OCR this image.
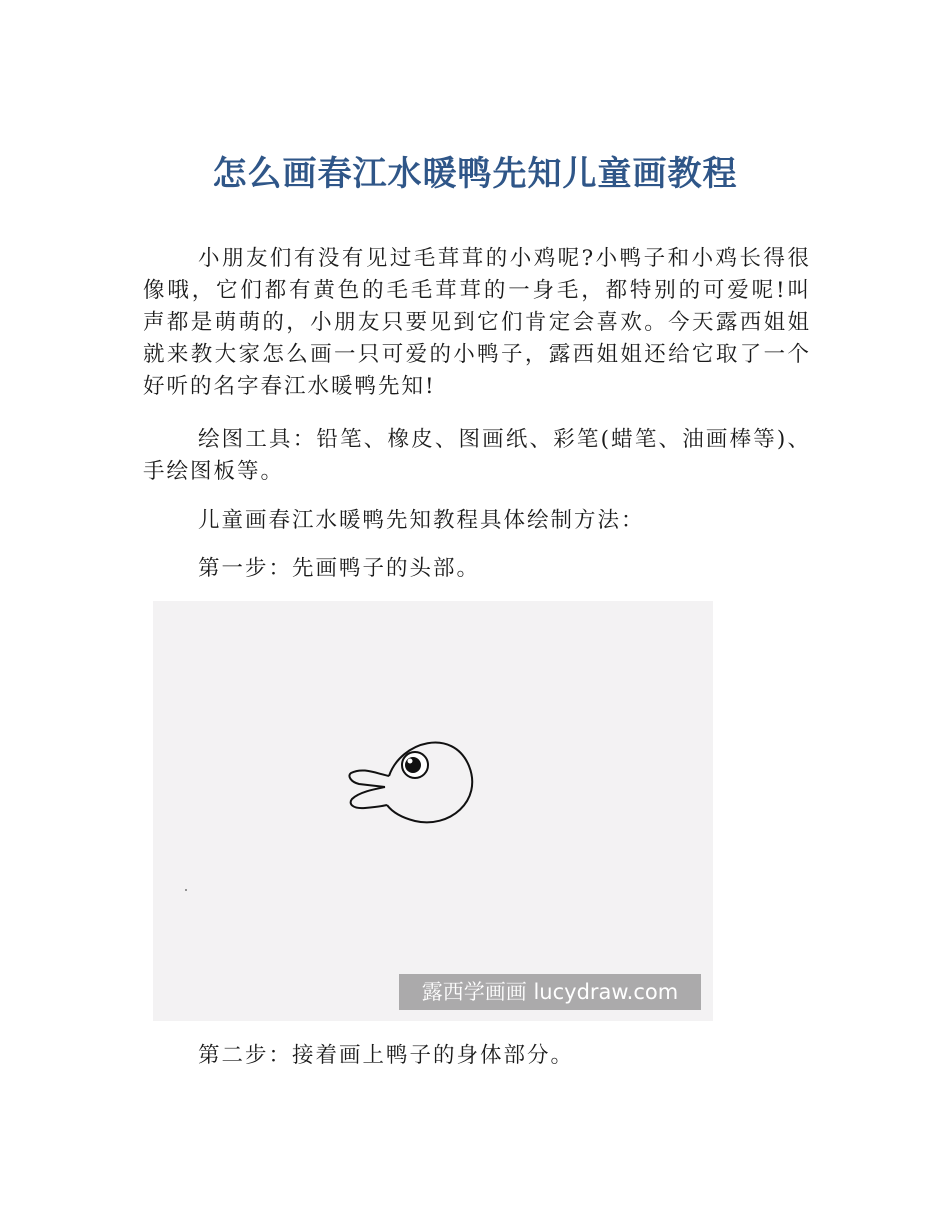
怎么画春江水暖鸭先知儿童画教程

小朋友们有没有见过毛茸茸的小鸡呢?小鸭子和小鸡长得很像哦，它们都有黄色的毛毛茸茸的一身毛，都特别的可爱呢!叫声都是萌萌的，小朋友只要见到它们肯定会喜欢。今天露西姐姐就来教大家怎么画一只可爱的小鸭子，露西姐姐还给它取了一个好听的名字春江水暖鸭先知!

绘图工具：铅笔、橡皮、图画纸、彩笔(蜡笔、油画棒等)、手绘图板等。

儿童画春江水暖鸭先知教程具体绘制方法：

第一步：先画鸭子的头部。

露西学画画 lucydraw.com

第二步：接着画上鸭子的身体部分。
